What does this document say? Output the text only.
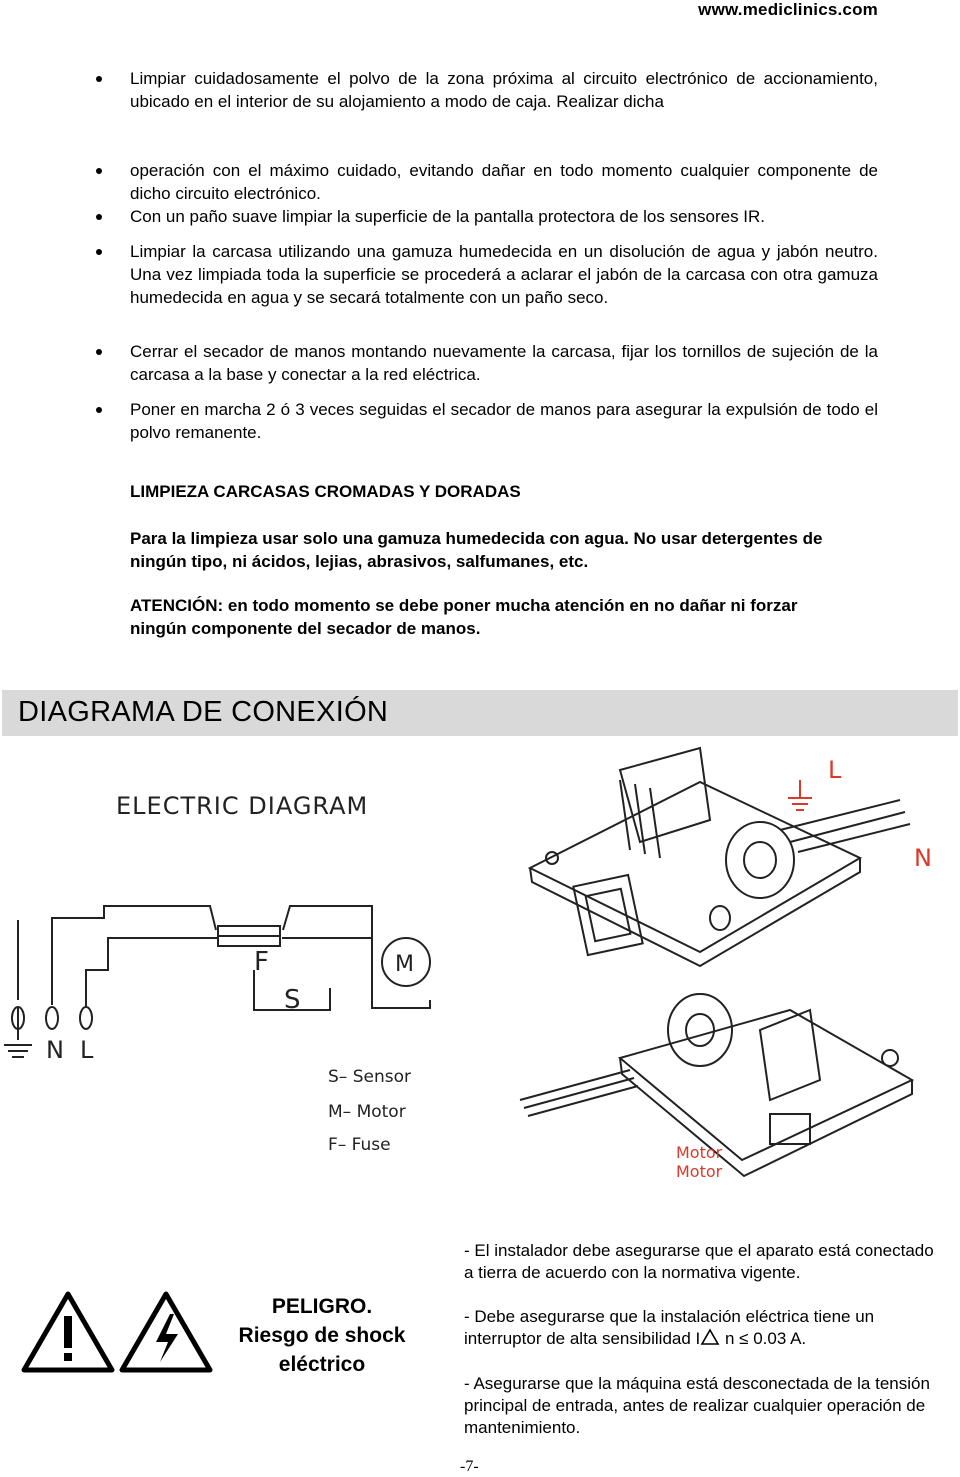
www.mediclinics.com
Limpiar cuidadosamente el polvo de la zona próxima al circuito electrónico de accionamiento, ubicado en el interior de su alojamiento a modo de caja. Realizar dicha
operación con el máximo cuidado, evitando dañar en todo momento cualquier componente de dicho circuito electrónico.
Con un paño suave limpiar la superficie de la pantalla protectora de los sensores IR.
Limpiar la carcasa utilizando una gamuza humedecida en un disolución de agua y jabón neutro. Una vez limpiada toda la superficie se procederá a aclarar el jabón de la carcasa con otra gamuza humedecida en agua y se secará totalmente con un paño seco.
Cerrar el secador de manos montando nuevamente la carcasa, fijar los tornillos de sujeción de la carcasa a la base y conectar a la red eléctrica.
Poner en marcha 2 ó 3 veces seguidas el secador de manos para asegurar la expulsión de todo el polvo remanente.
LIMPIEZA CARCASAS CROMADAS Y DORADAS
Para la limpieza usar solo una gamuza humedecida con agua. No usar detergentes de ningún tipo, ni ácidos, lejias, abrasivos, salfumanes, etc.
ATENCIÓN: en todo momento se debe poner mucha atención en no dañar ni forzar ningún componente del secador de manos.
DIAGRAMA DE CONEXIÓN
ELECTRIC DIAGRAM
M
F
S
N L
S– Sensor
M– Motor
F– Fuse
L
N
Motor
Motor
PELIGRO.
Riesgo de shock
eléctrico
- El instalador debe asegurarse que el aparato está conectado a tierra de acuerdo con la normativa vigente.
- Debe asegurarse que la instalación eléctrica tiene un interruptor de alta sensibilidad I n ≤ 0.03 A.
- Asegurarse que la máquina está desconectada de la tensión principal de entrada, antes de realizar cualquier operación de mantenimiento.
-7-
